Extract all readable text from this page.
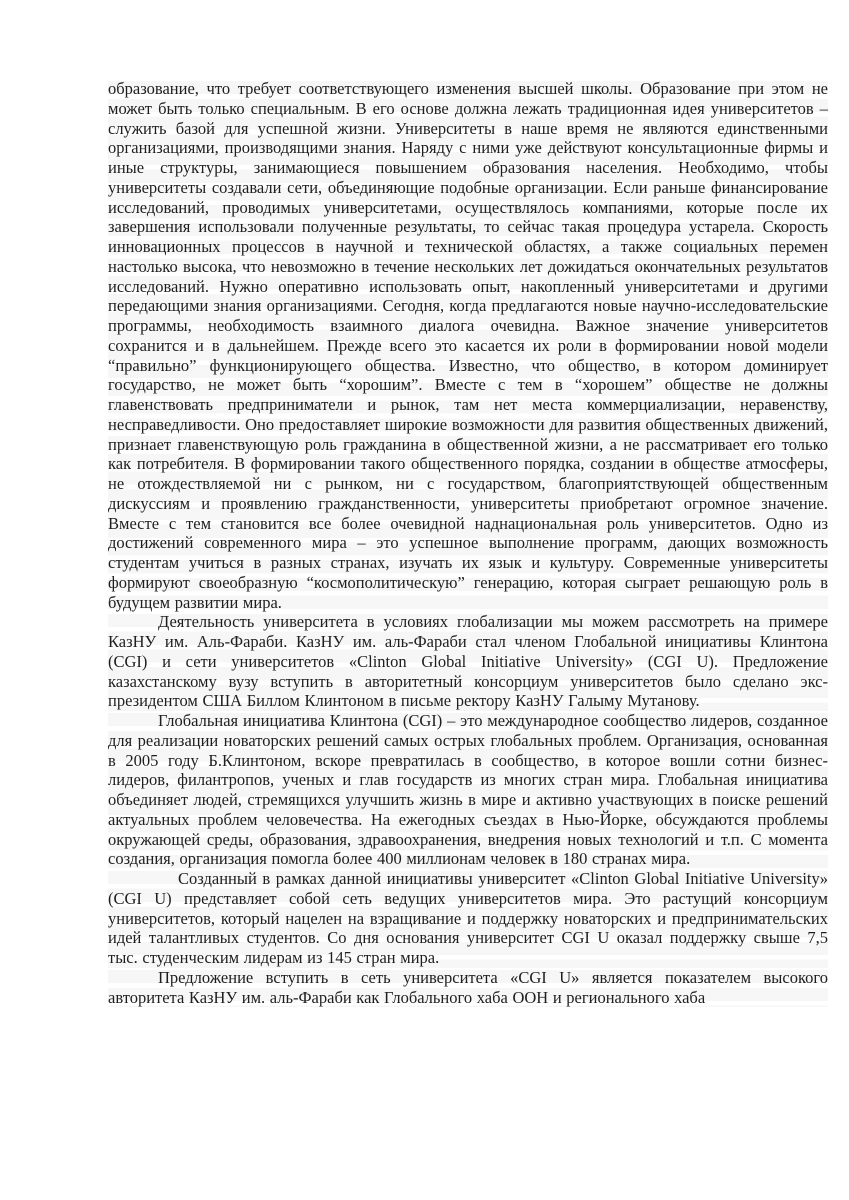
образование, что требует соответствующего изменения высшей школы. Образование при этом не может быть только специальным. В его основе должна лежать традиционная идея университетов – служить базой для успешной жизни. Университеты в наше время не являются единственными организациями, производящими знания. Наряду с ними уже действуют консультационные фирмы и иные структуры, занимающиеся повышением образования населения. Необходимо, чтобы университеты создавали сети, объединяющие подобные организации. Если раньше финансирование исследований, проводимых университетами, осуществлялось компаниями, которые после их завершения использовали полученные результаты, то сейчас такая процедура устарела. Скорость инновационных процессов в научной и технической областях, а также социальных перемен настолько высока, что невозможно в течение нескольких лет дожидаться окончательных результатов исследований. Нужно оперативно использовать опыт, накопленный университетами и другими передающими знания организациями. Сегодня, когда предлагаются новые научно-исследовательские программы, необходимость взаимного диалога очевидна. Важное значение университетов сохранится и в дальнейшем. Прежде всего это касается их роли в формировании новой модели “правильно” функционирующего общества. Известно, что общество, в котором доминирует государство, не может быть “хорошим”. Вместе с тем в “хорошем” обществе не должны главенствовать предприниматели и рынок, там нет места коммерциализации, неравенству, несправедливости. Оно предоставляет широкие возможности для развития общественных движений, признает главенствующую роль гражданина в общественной жизни, а не рассматривает его только как потребителя. В формировании такого общественного порядка, создании в обществе атмосферы, не отождествляемой ни с рынком, ни с государством, благоприятствующей общественным дискуссиям и проявлению гражданственности, университеты приобретают огромное значение. Вместе с тем становится все более очевидной наднациональная роль университетов. Одно из достижений современного мира – это успешное выполнение программ, дающих возможность студентам учиться в разных странах, изучать их язык и культуру. Современные университеты формируют своеобразную “космополитическую” генерацию, которая сыграет решающую роль в будущем развитии мира.

Деятельность университета в условиях глобализации мы можем рассмотреть на примере КазНУ им. Аль-Фараби. КазНУ им. аль-Фараби стал членом Глобальной инициативы Клинтона (CGI) и сети университетов «Clinton Global Initiative University» (CGI U). Предложение казахстанскому вузу вступить в авторитетный консорциум университетов было сделано экс-президентом США Биллом Клинтоном в письме ректору КазНУ Галыму Мутанову.

Глобальная инициатива Клинтона (CGI) – это международное сообщество лидеров, созданное для реализации новаторских решений самых острых глобальных проблем. Организация, основанная в 2005 году Б.Клинтоном, вскоре превратилась в сообщество, в которое вошли сотни бизнес-лидеров, филантропов, ученых и глав государств из многих стран мира. Глобальная инициатива объединяет людей, стремящихся улучшить жизнь в мире и активно участвующих в поиске решений актуальных проблем человечества. На ежегодных съездах в Нью-Йорке, обсуждаются проблемы окружающей среды, образования, здравоохранения, внедрения новых технологий и т.п. С момента создания, организация помогла более 400 миллионам человек в 180 странах мира.

Созданный в рамках данной инициативы университет «Clinton Global Initiative University» (CGI U) представляет собой сеть ведущих университетов мира. Это растущий консорциум университетов, который нацелен на взращивание и поддержку новаторских и предпринимательских идей талантливых студентов. Со дня основания университет CGI U оказал поддержку свыше 7,5 тыс. студенческим лидерам из 145 стран мира.

Предложение вступить в сеть университета «CGI U» является показателем высокого авторитета КазНУ им. аль-Фараби как Глобального хаба ООН и регионального хаба
